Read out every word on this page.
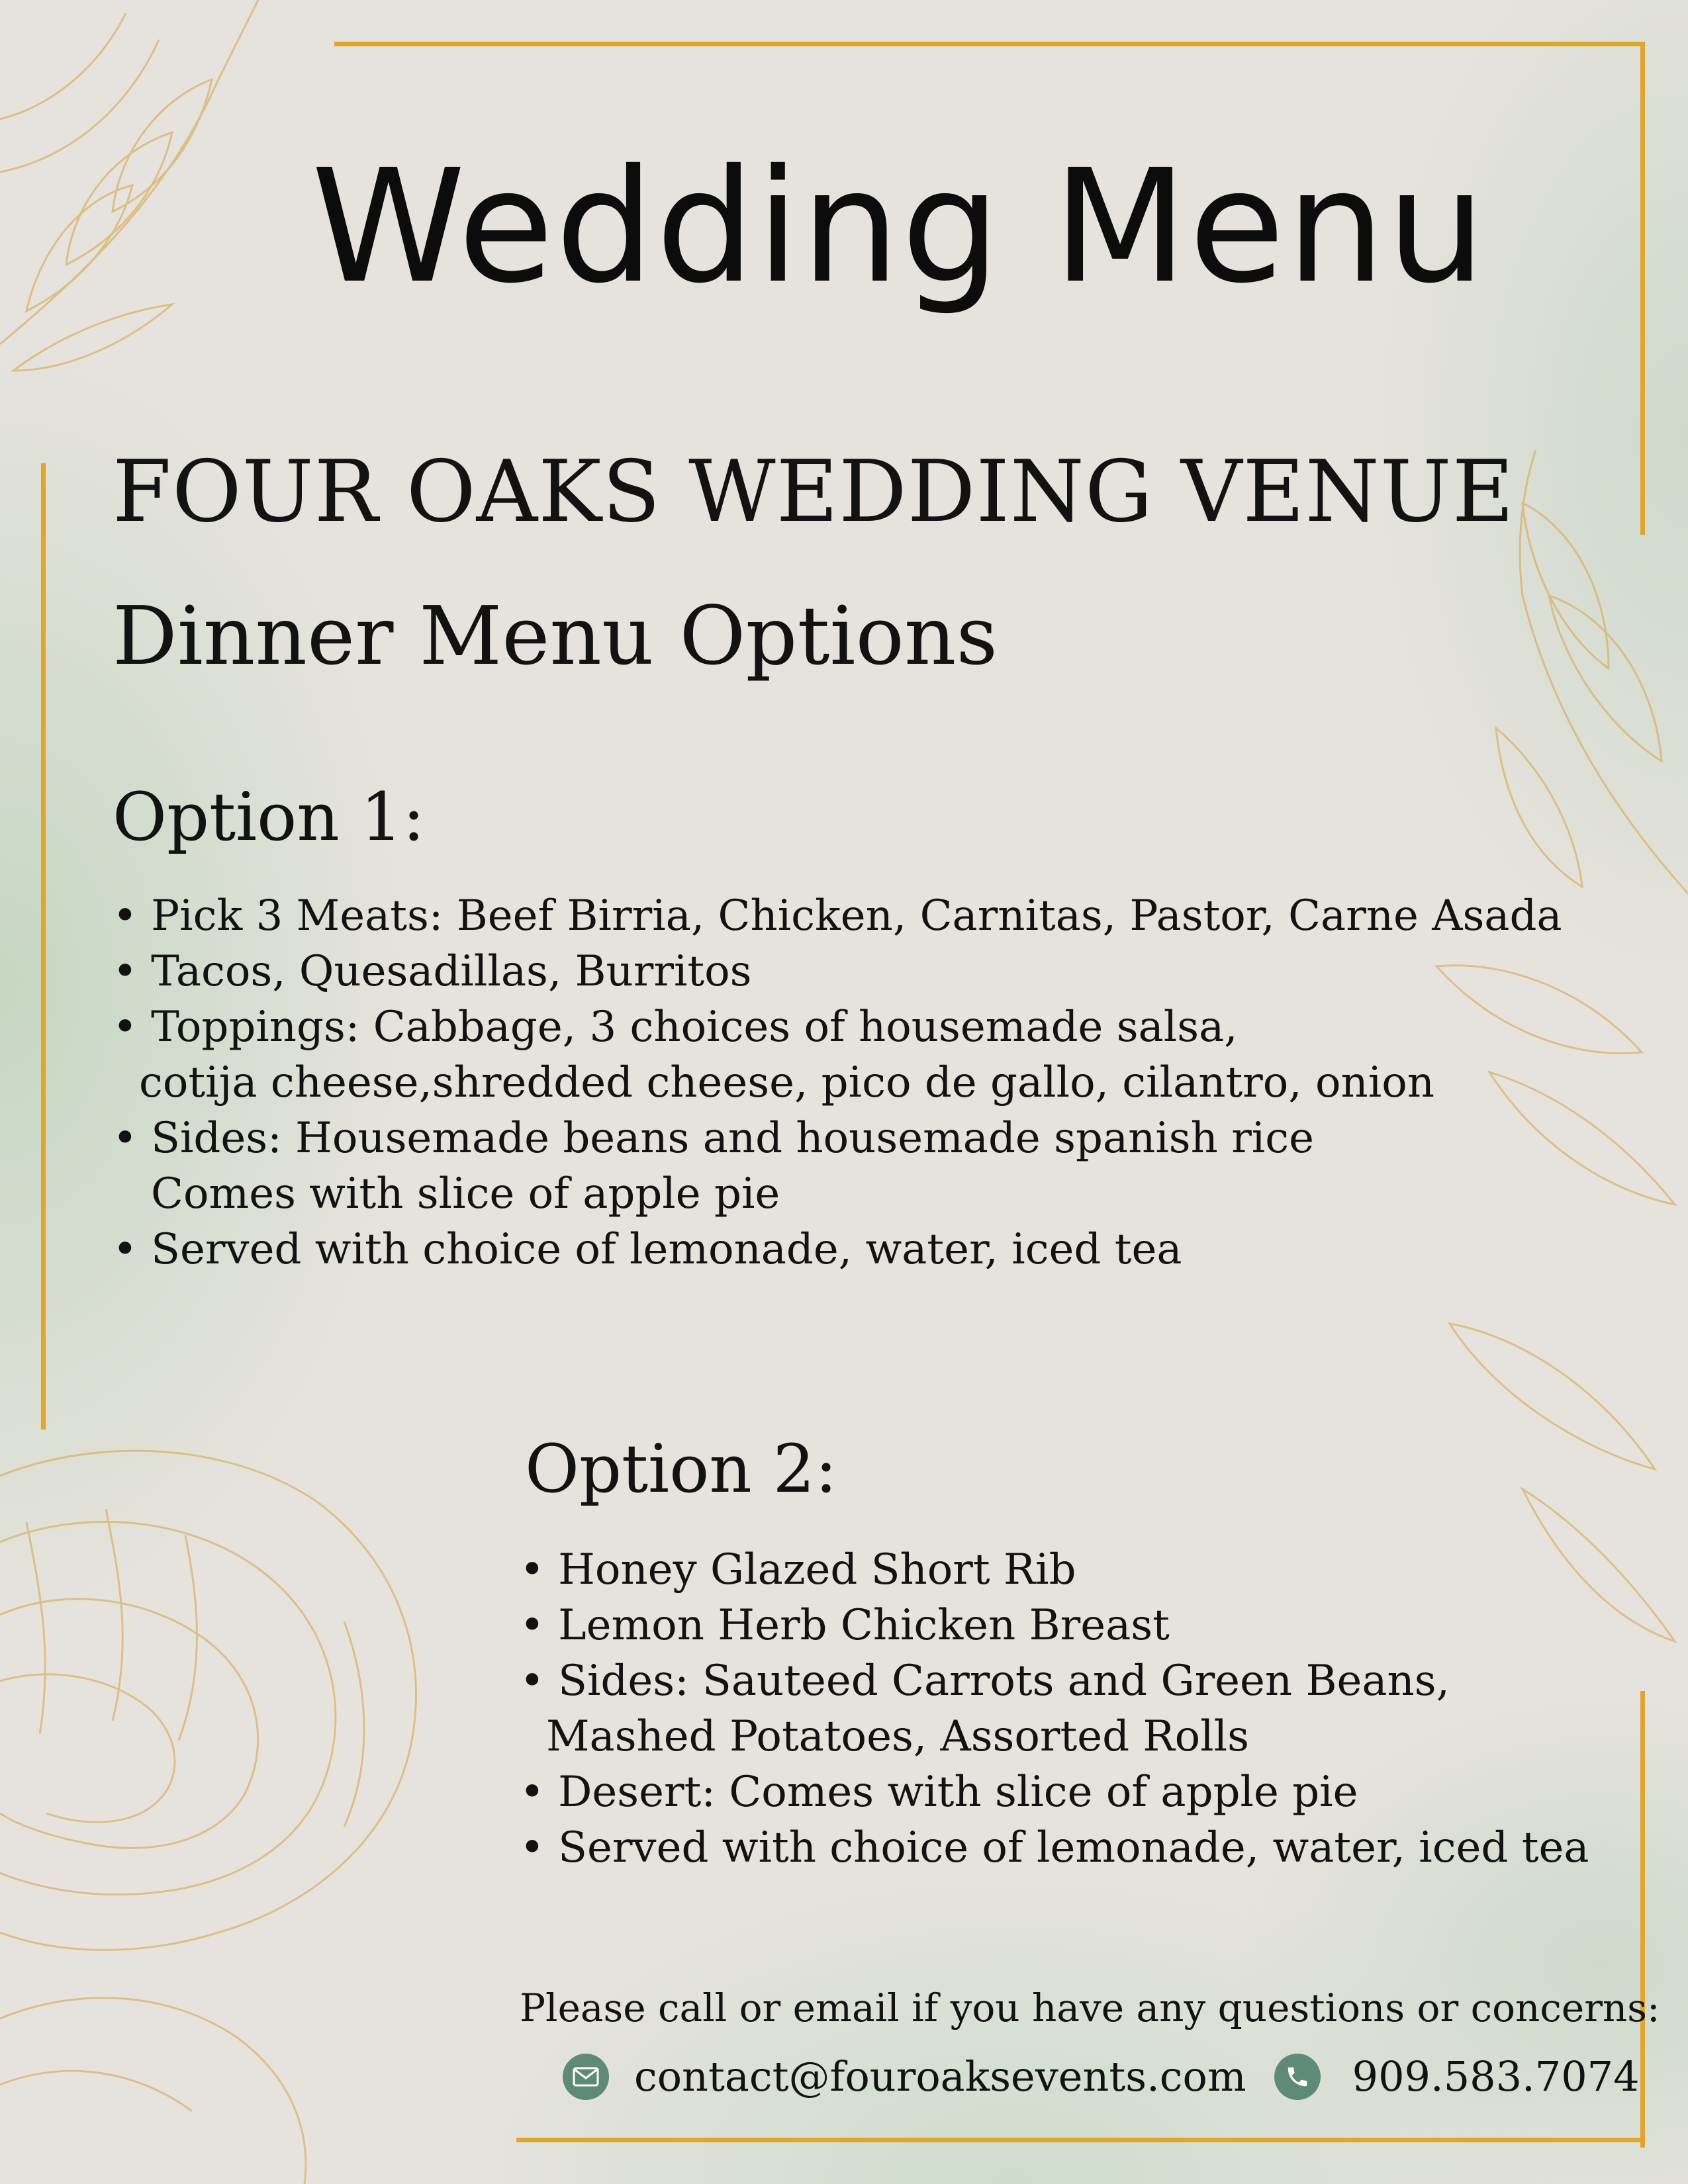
Wedding Menu
FOUR OAKS WEDDING VENUE
Dinner Menu Options
Option 1:
• Pick 3 Meats: Beef Birria, Chicken, Carnitas, Pastor, Carne Asada
• Tacos, Quesadillas, Burritos
• Toppings: Cabbage, 3 choices of housemade salsa,
cotija cheese,shredded cheese, pico de gallo, cilantro, onion
• Sides: Housemade beans and housemade spanish rice
Comes with slice of apple pie
• Served with choice of lemonade, water, iced tea
Option 2:
• Honey Glazed Short Rib
• Lemon Herb Chicken Breast
• Sides: Sauteed Carrots and Green Beans,
Mashed Potatoes, Assorted Rolls
• Desert: Comes with slice of apple pie
• Served with choice of lemonade, water, iced tea
Please call or email if you have any questions or concerns:
contact@fouroaksevents.com	909.583.7074
